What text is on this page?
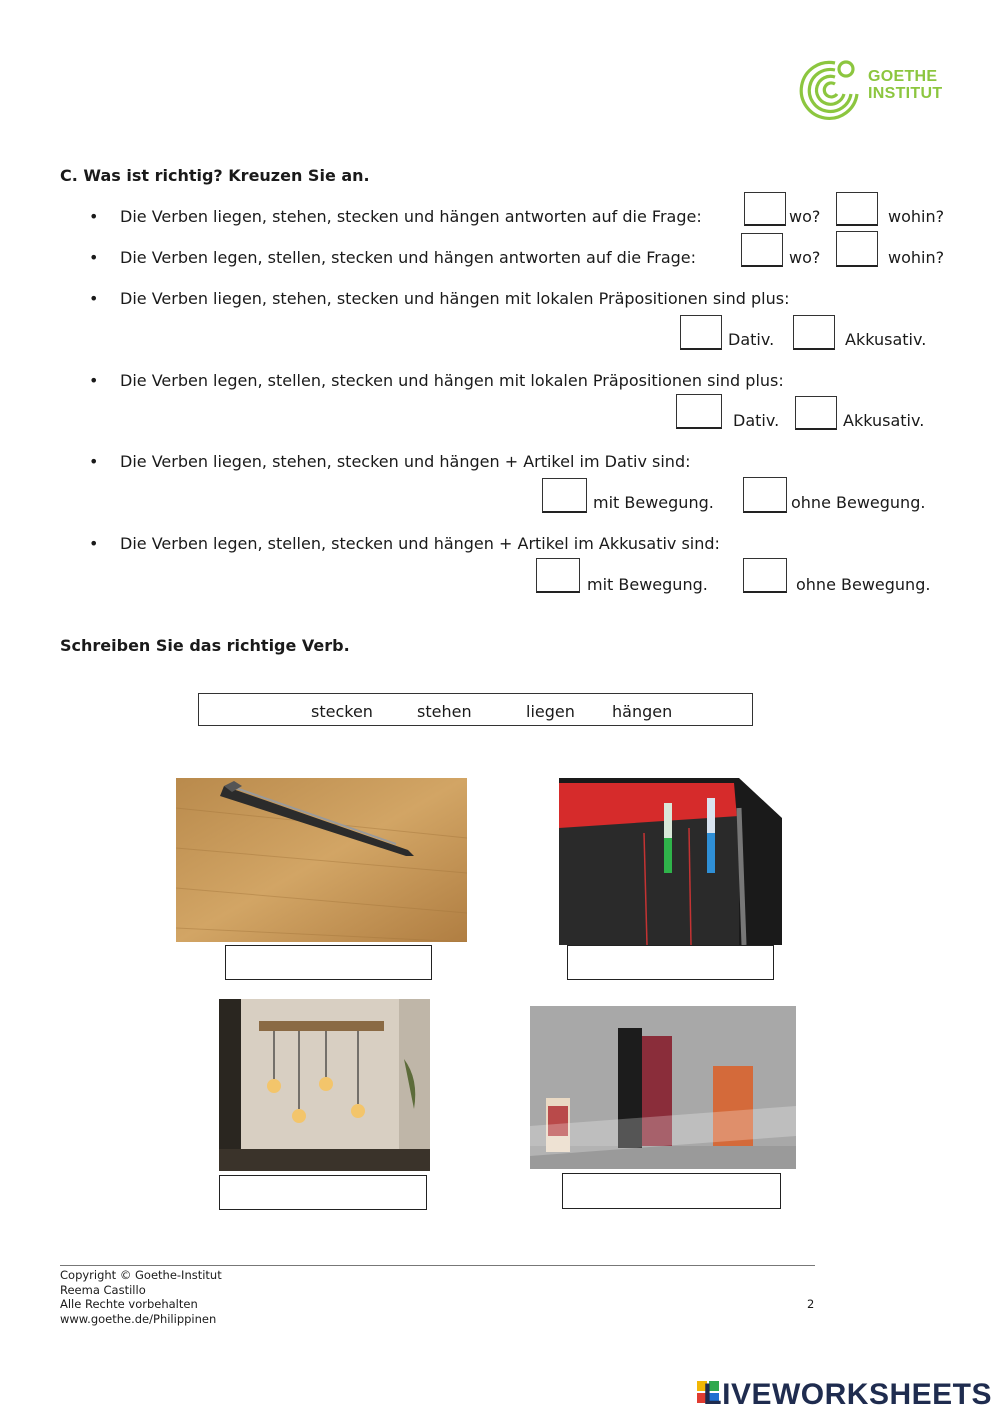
GOETHE
INSTITUT
C. Was ist richtig? Kreuzen Sie an.
• Die Verben liegen, stehen, stecken und hängen antworten auf die Frage:	wo?	wohin?
• Die Verben legen, stellen, stecken und hängen antworten auf die Frage:	wo?	wohin?
• Die Verben liegen, stehen, stecken und hängen mit lokalen Präpositionen sind plus:
Dativ.	Akkusativ.
• Die Verben legen, stellen, stecken und hängen mit lokalen Präpositionen sind plus:
Dativ.	Akkusativ.
• Die Verben liegen, stehen, stecken und hängen + Artikel im Dativ sind:
mit Bewegung.	ohne Bewegung.
• Die Verben legen, stellen, stecken und hängen + Artikel im Akkusativ sind:
mit Bewegung.	ohne Bewegung.
Schreiben Sie das richtige Verb.
stecken	stehen	liegen hängen
Copyright © Goethe-Institut
Reema Castillo
Alle Rechte vorbehalten
www.goethe.de/Philippinen
2
LIVEWORKSHEETS
